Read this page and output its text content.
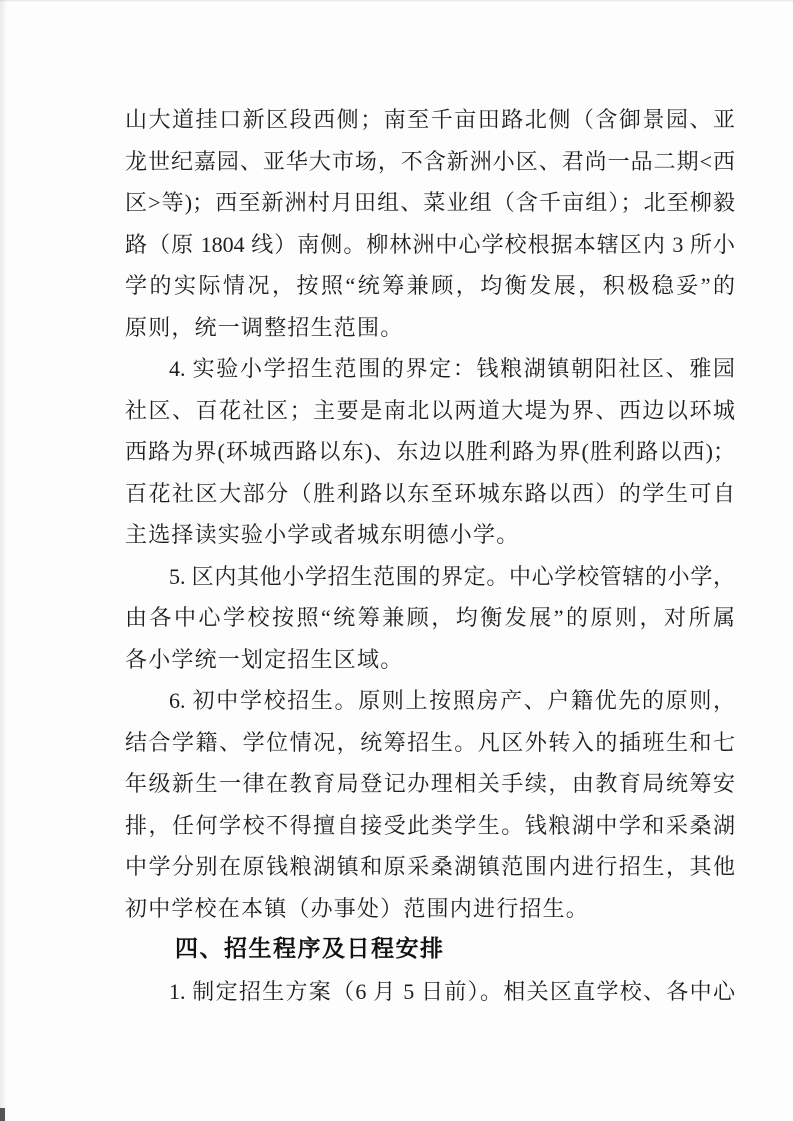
山大道挂口新区段西侧；南至千亩田路北侧（含御景园、亚
龙世纪嘉园、亚华大市场，不含新洲小区、君尚一品二期<西
区>等)；西至新洲村月田组、菜业组（含千亩组）；北至柳毅
路（原 1804 线）南侧。柳林洲中心学校根据本辖区内 3 所小
学的实际情况，按照“统筹兼顾，均衡发展，积极稳妥”的
原则，统一调整招生范围。
4. 实验小学招生范围的界定：钱粮湖镇朝阳社区、雅园
社区、百花社区；主要是南北以两道大堤为界、西边以环城
西路为界(环城西路以东)、东边以胜利路为界(胜利路以西)；
百花社区大部分（胜利路以东至环城东路以西）的学生可自
主选择读实验小学或者城东明德小学。
5. 区内其他小学招生范围的界定。中心学校管辖的小学，
由各中心学校按照“统筹兼顾，均衡发展”的原则，对所属
各小学统一划定招生区域。
6. 初中学校招生。原则上按照房产、户籍优先的原则，
结合学籍、学位情况，统筹招生。凡区外转入的插班生和七
年级新生一律在教育局登记办理相关手续，由教育局统筹安
排，任何学校不得擅自接受此类学生。钱粮湖中学和采桑湖
中学分别在原钱粮湖镇和原采桑湖镇范围内进行招生，其他
初中学校在本镇（办事处）范围内进行招生。
四、招生程序及日程安排
1. 制定招生方案（6 月 5 日前）。相关区直学校、各中心
